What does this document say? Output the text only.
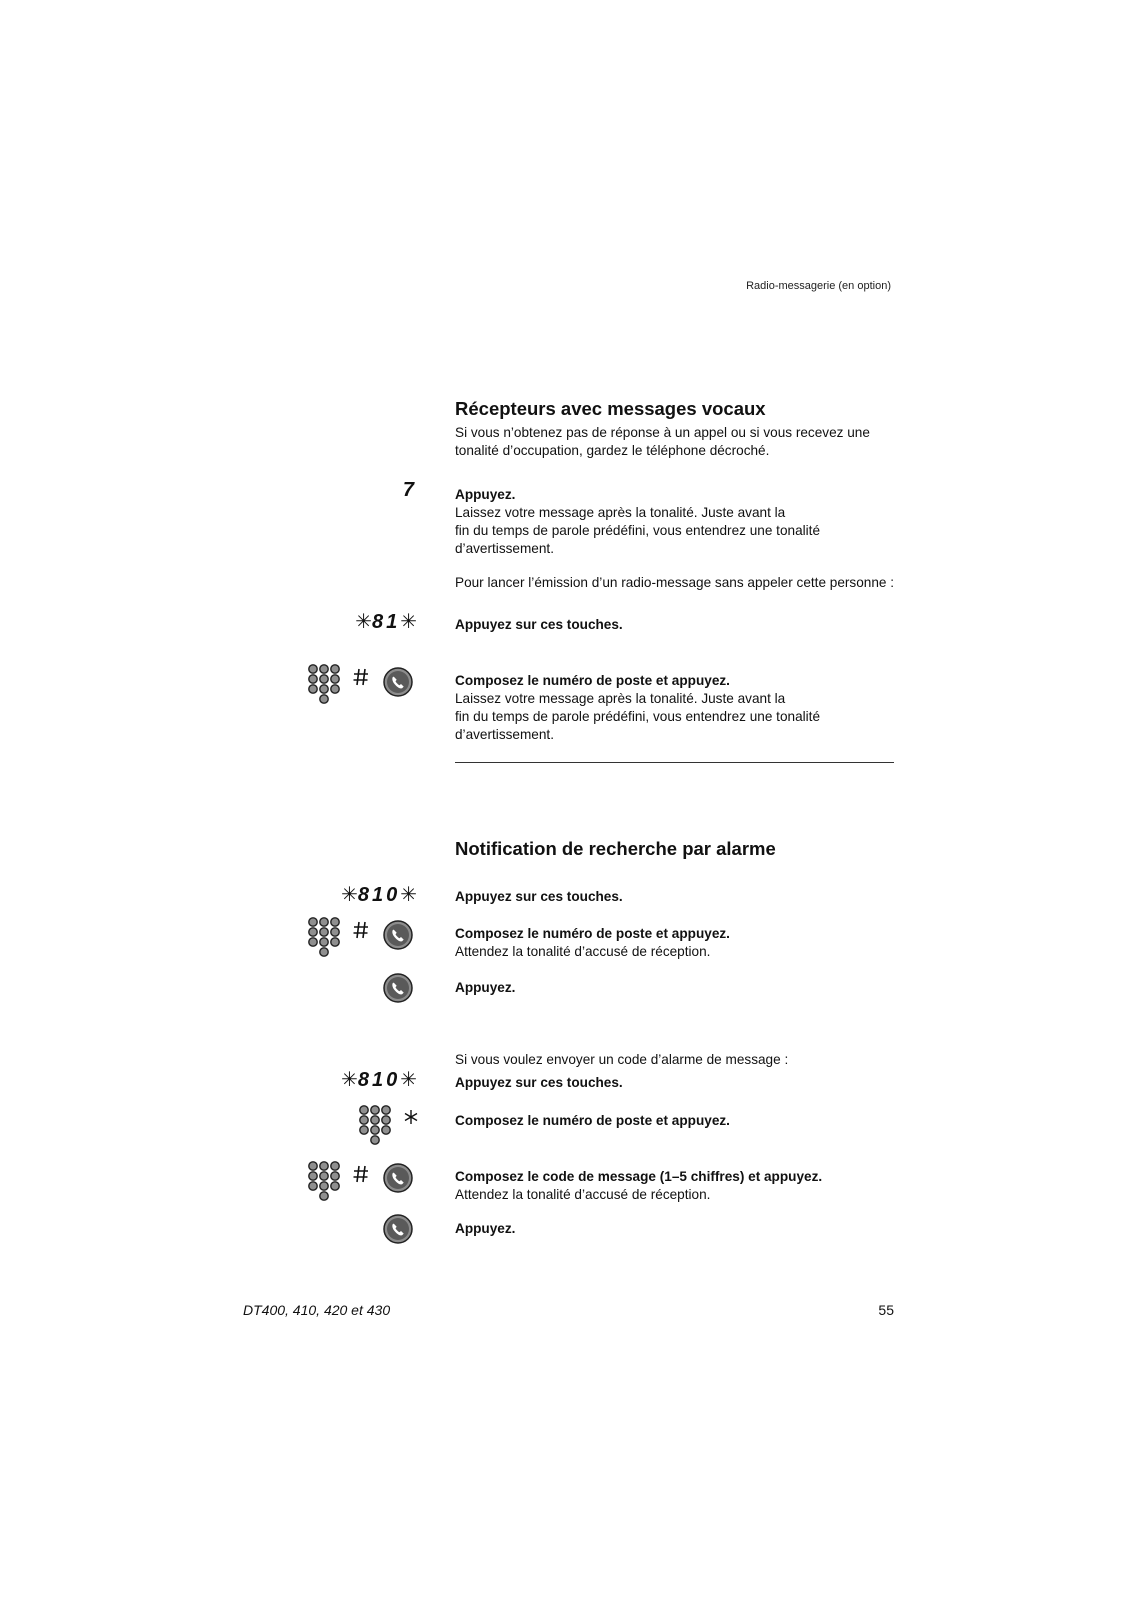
Radio-messagerie (en option)
Récepteurs avec messages vocaux

Si vous n’obtenez pas de réponse à un appel ou si vous recevez une tonalité d’occupation, gardez le téléphone décroché.

7	Appuyez.

Laissez votre message après la tonalité. Juste avant la

fin du temps de parole prédéfini, vous entendrez une tonalité

d’avertissement.

Pour lancer l’émission d’un radio-message sans appeler cette personne :

✳81✳	Appuyez sur ces touches.

Composez le numéro de poste et appuyez.

Laissez votre message après la tonalité. Juste avant la

fin du temps de parole prédéfini, vous entendrez une tonalité

d’avertissement.

Notification de recherche par alarme
✳810✳	Appuyez sur ces touches.

Composez le numéro de poste et appuyez.

Attendez la tonalité d’accusé de réception.

Appuyez.

Si vous voulez envoyer un code d’alarme de message :

✳810✳	Appuyez sur ces touches.

Composez le numéro de poste et appuyez.

Composez le code de message (1–5 chiffres) et appuyez.

Attendez la tonalité d’accusé de réception.

Appuyez.

DT400, 410, 420 et 430	55
